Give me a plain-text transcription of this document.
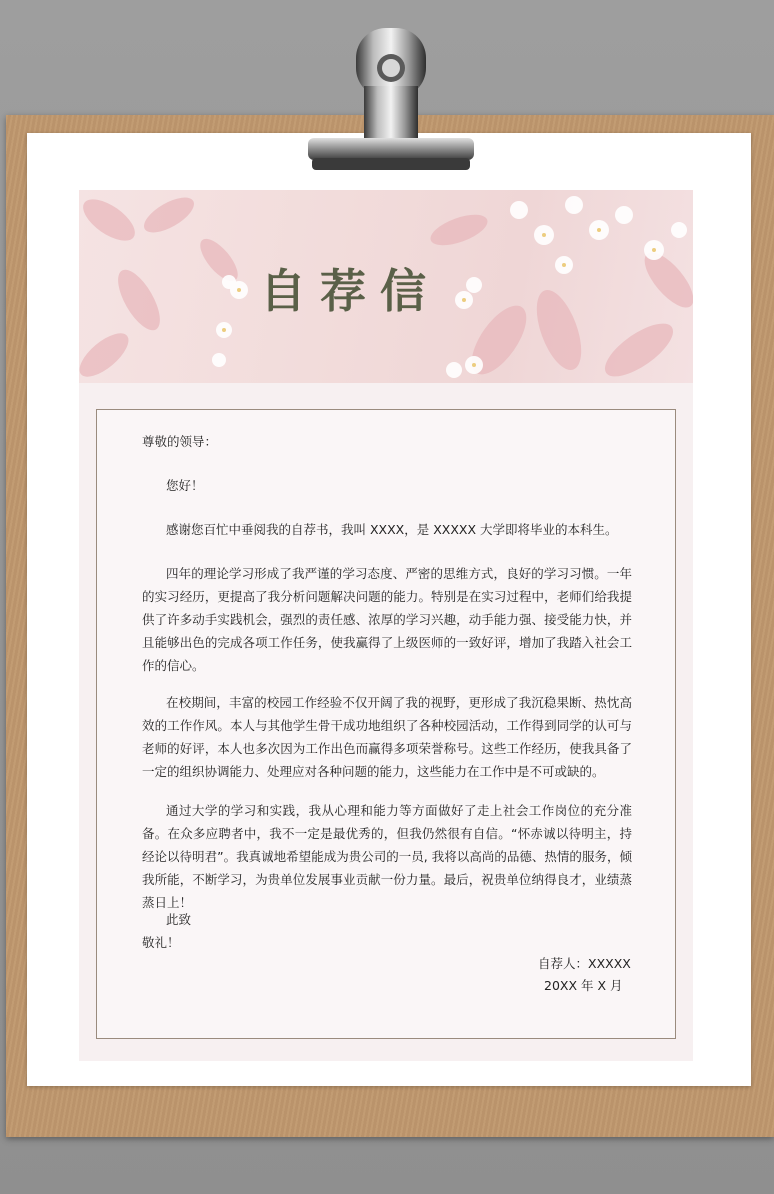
自荐信
尊敬的领导：
您好！

感谢您百忙中垂阅我的自荐书，我叫 XXXX，是 XXXXX 大学即将毕业的本科生。

四年的理论学习形成了我严谨的学习态度、严密的思维方式，良好的学习习惯。一年的实习经历，更提高了我分析问题解决问题的能力。特别是在实习过程中，老师们给我提供了许多动手实践机会，强烈的责任感、浓厚的学习兴趣，动手能力强、接受能力快，并且能够出色的完成各项工作任务，使我赢得了上级医师的一致好评，增加了我踏入社会工作的信心。

在校期间，丰富的校园工作经验不仅开阔了我的视野，更形成了我沉稳果断、热忱高效的工作作风。本人与其他学生骨干成功地组织了各种校园活动，工作得到同学的认可与老师的好评，本人也多次因为工作出色而赢得多项荣誉称号。这些工作经历，使我具备了一定的组织协调能力、处理应对各种问题的能力，这些能力在工作中是不可或缺的。

通过大学的学习和实践，我从心理和能力等方面做好了走上社会工作岗位的充分准备。在众多应聘者中，我不一定是最优秀的，但我仍然很有自信。“怀赤诚以待明主，持经论以待明君”。我真诚地希望能成为贵公司的一员, 我将以高尚的品德、热情的服务，倾我所能，不断学习，为贵单位发展事业贡献一份力量。最后，祝贵单位纳得良才，业绩蒸蒸日上！

此致
敬礼！
自荐人：XXXXX
20XX 年 X 月
